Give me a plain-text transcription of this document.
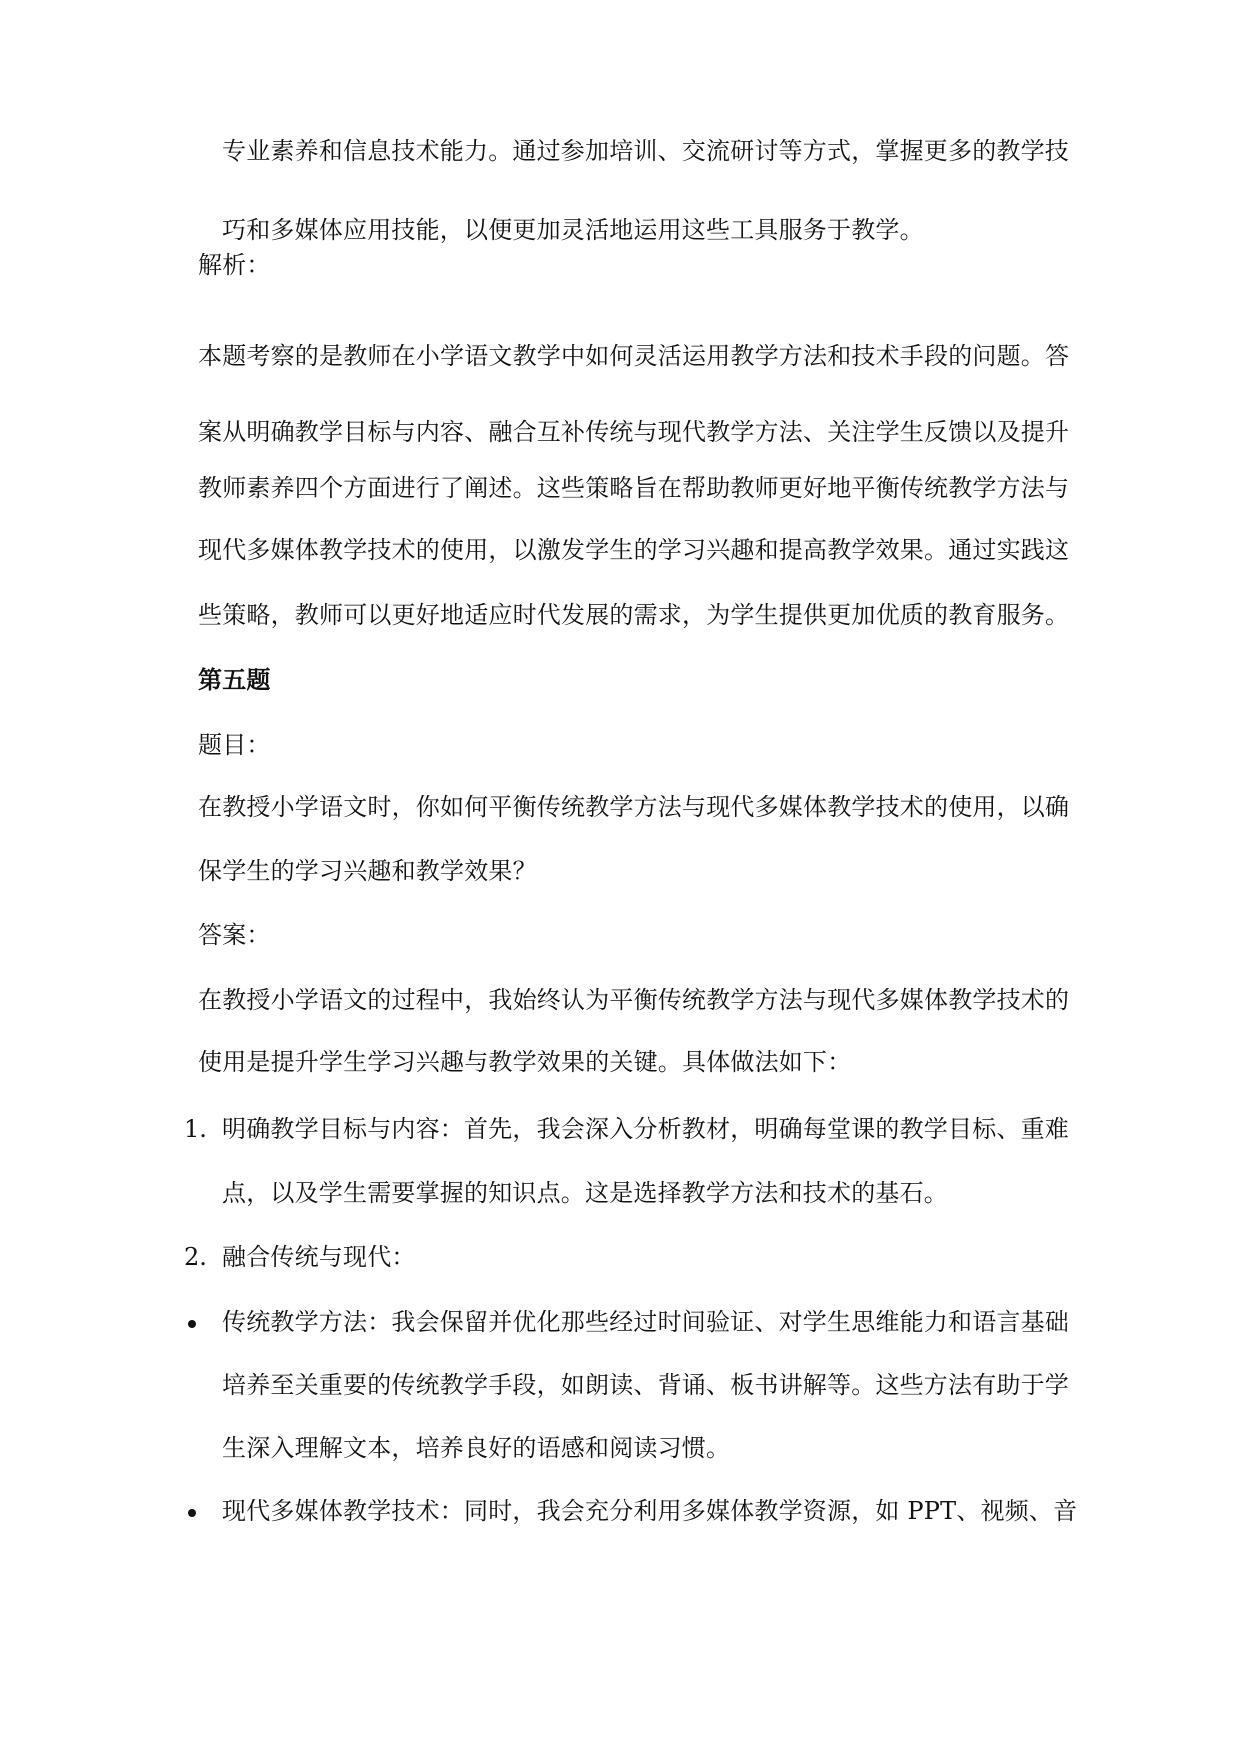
专业素养和信息技术能力。通过参加培训、交流研讨等方式，掌握更多的教学技
巧和多媒体应用技能，以便更加灵活地运用这些工具服务于教学。
解析：
本题考察的是教师在小学语文教学中如何灵活运用教学方法和技术手段的问题。答
案从明确教学目标与内容、融合互补传统与现代教学方法、关注学生反馈以及提升
教师素养四个方面进行了阐述。这些策略旨在帮助教师更好地平衡传统教学方法与
现代多媒体教学技术的使用，以激发学生的学习兴趣和提高教学效果。通过实践这
些策略，教师可以更好地适应时代发展的需求，为学生提供更加优质的教育服务。
第五题
题目：
在教授小学语文时，你如何平衡传统教学方法与现代多媒体教学技术的使用，以确
保学生的学习兴趣和教学效果？
答案：
在教授小学语文的过程中，我始终认为平衡传统教学方法与现代多媒体教学技术的
使用是提升学生学习兴趣与教学效果的关键。具体做法如下：
1. 明确教学目标与内容：首先，我会深入分析教材，明确每堂课的教学目标、重难
点，以及学生需要掌握的知识点。这是选择教学方法和技术的基石。
2. 融合传统与现代：
传统教学方法：我会保留并优化那些经过时间验证、对学生思维能力和语言基础
培养至关重要的传统教学手段，如朗读、背诵、板书讲解等。这些方法有助于学
生深入理解文本，培养良好的语感和阅读习惯。
现代多媒体教学技术：同时，我会充分利用多媒体教学资源，如 PPT、视频、音
